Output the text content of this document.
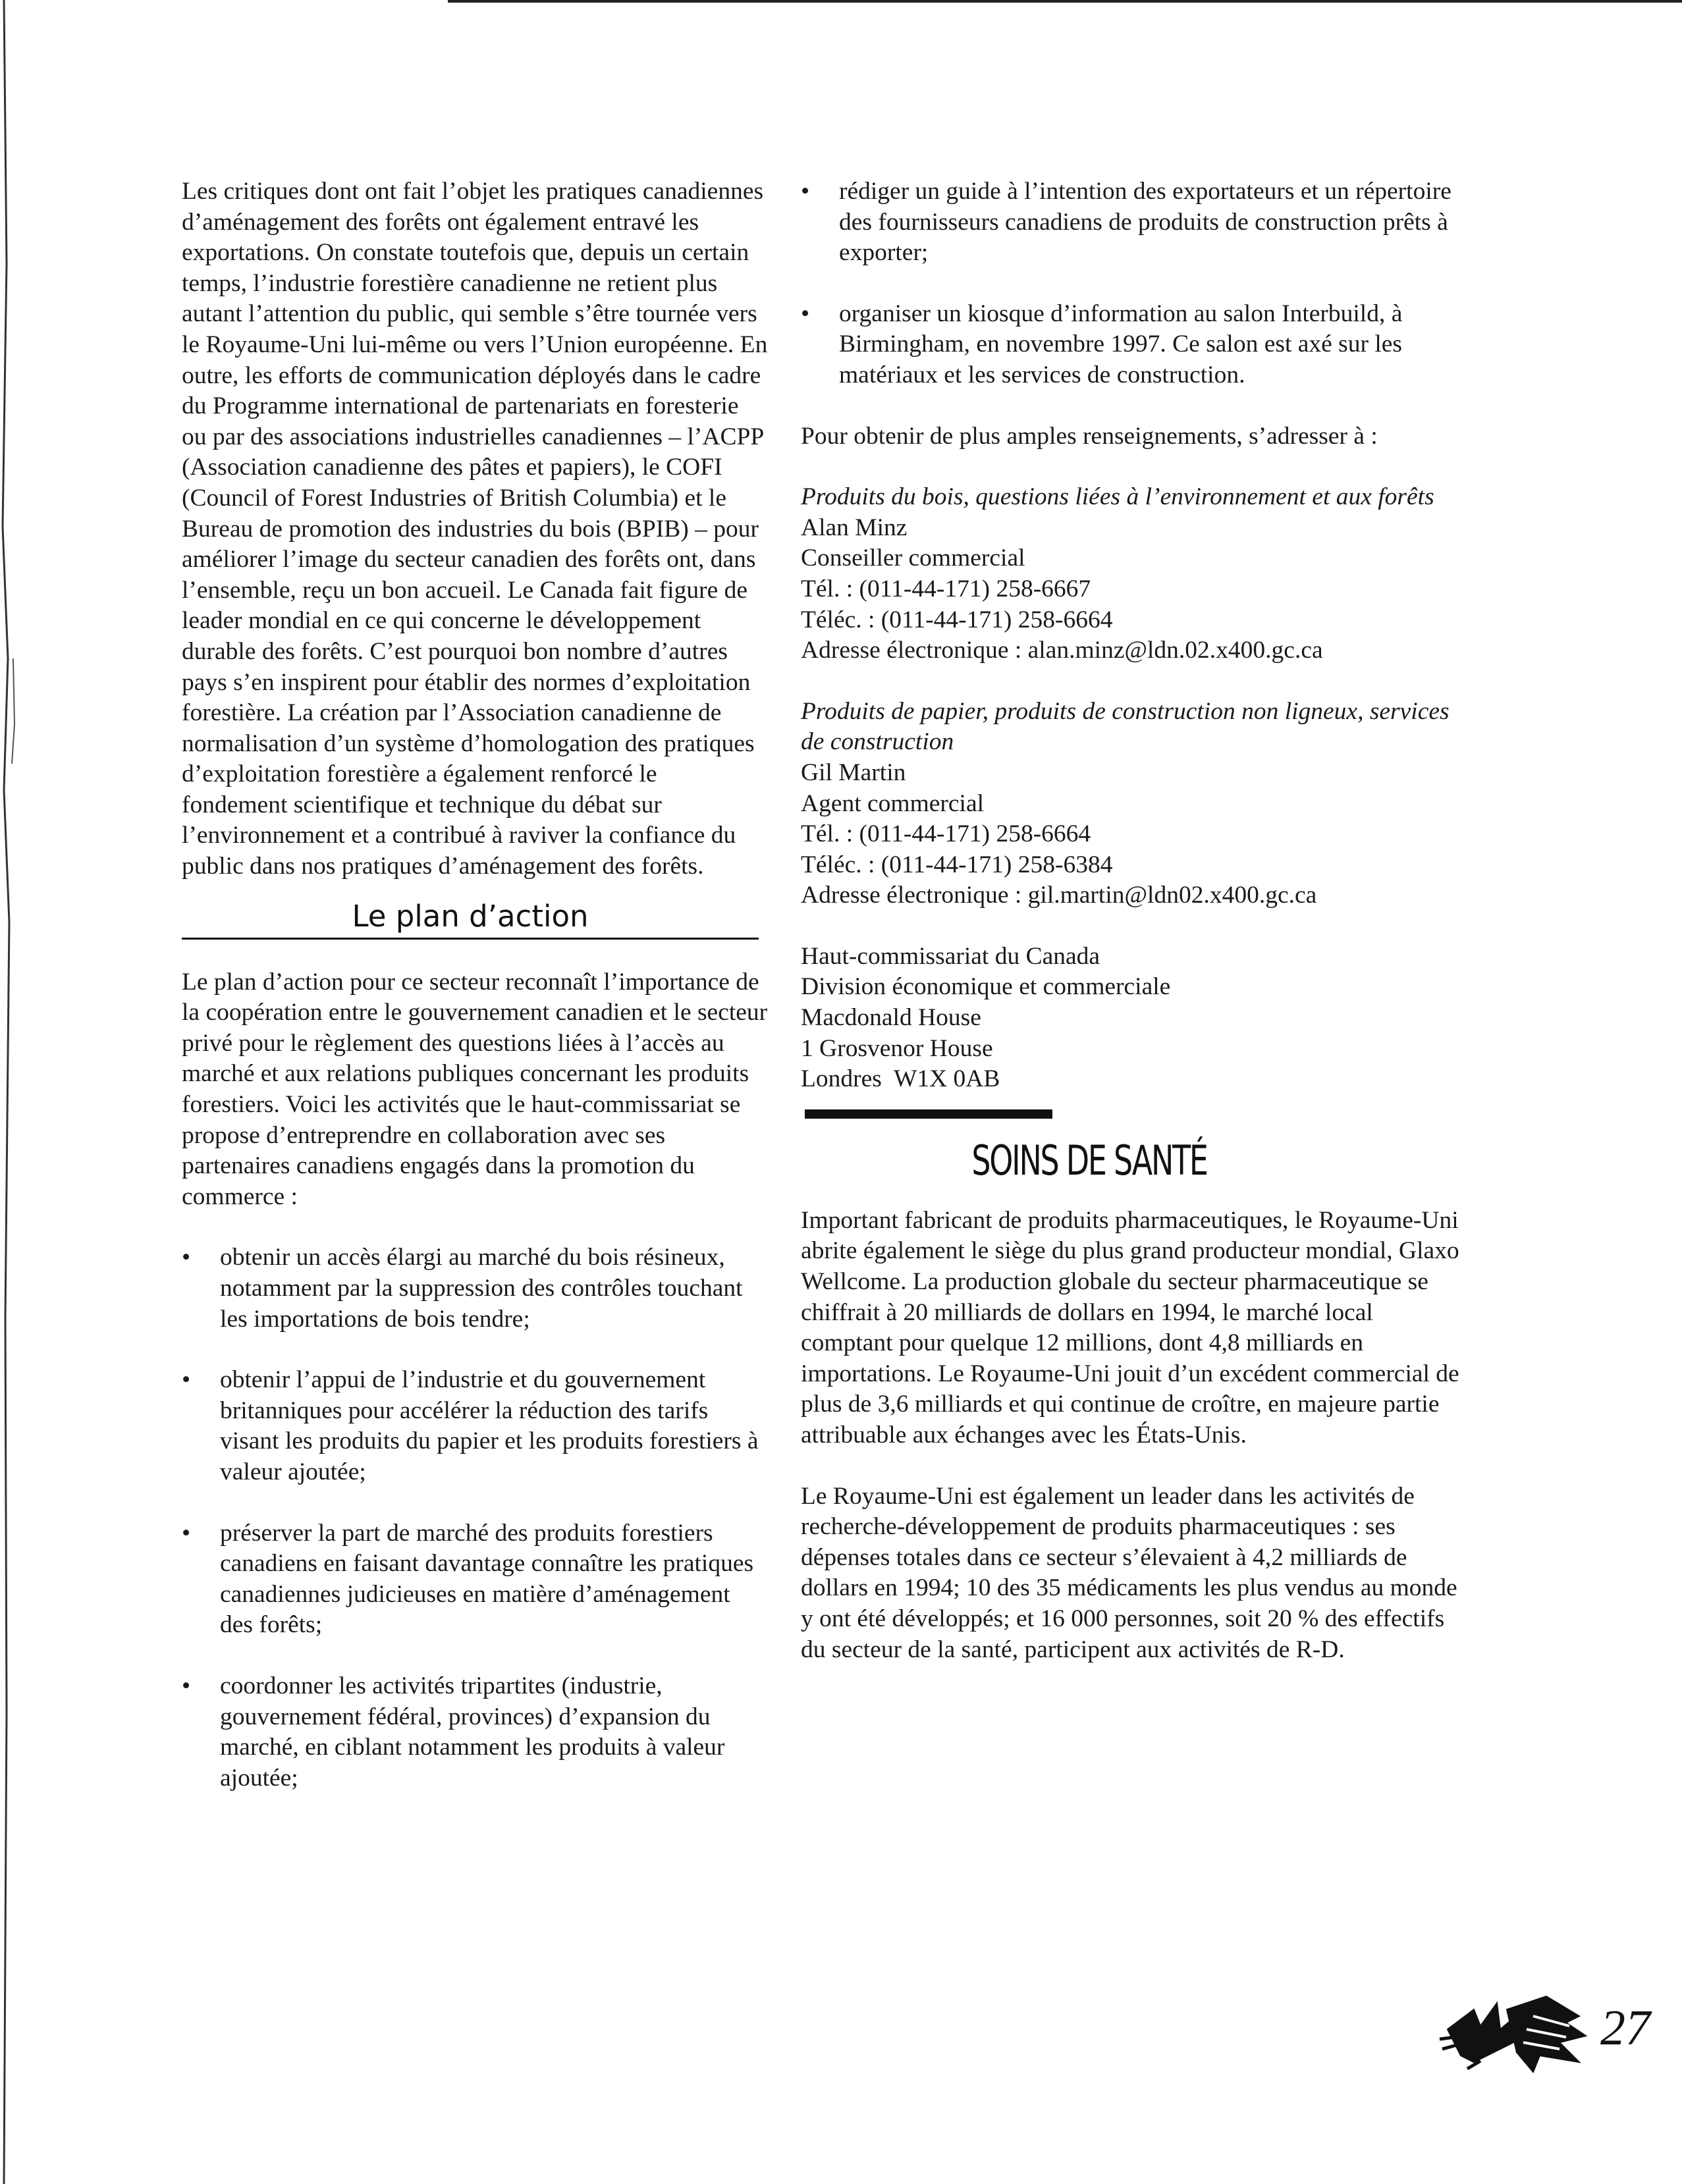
Les critiques dont ont fait l’objet les pratiques canadiennes d’aménagement des forêts ont également entravé les exportations. On constate toutefois que, depuis un certain temps, l’industrie forestière canadienne ne retient plus autant l’attention du public, qui semble s’être tournée vers le Royaume-Uni lui-même ou vers l’Union européenne. En outre, les efforts de communication déployés dans le cadre du Programme international de partenariats en foresterie ou par des associations industrielles canadiennes – l’ACPP (Association canadienne des pâtes et papiers), le COFI (Council of Forest Industries of British Columbia) et le Bureau de promotion des industries du bois (BPIB) – pour améliorer l’image du secteur canadien des forêts ont, dans l’ensemble, reçu un bon accueil. Le Canada fait figure de leader mondial en ce qui concerne le développement durable des forêts. C’est pourquoi bon nombre d’autres pays s’en inspirent pour établir des normes d’exploitation forestière. La création par l’Association canadienne de normalisation d’un système d’homologation des pratiques d’exploitation forestière a également renforcé le fondement scientifique et technique du débat sur l’environnement et a contribué à raviver la confiance du public dans nos pratiques d’aménagement des forêts.

Le plan d’action

Le plan d’action pour ce secteur reconnaît l’importance de la coopération entre le gouvernement canadien et le secteur privé pour le règlement des questions liées à l’accès au marché et aux relations publiques concernant les produits forestiers. Voici les activités que le haut-commissariat se propose d’entreprendre en collaboration avec ses partenaires canadiens engagés dans la promotion du commerce :

• obtenir un accès élargi au marché du bois résineux, notamment par la suppression des contrôles touchant les importations de bois tendre;
• obtenir l’appui de l’industrie et du gouvernement britanniques pour accélérer la réduction des tarifs visant les produits du papier et les produits forestiers à valeur ajoutée;
• préserver la part de marché des produits forestiers canadiens en faisant davantage connaître les pratiques canadiennes judicieuses en matière d’aménagement des forêts;
• coordonner les activités tripartites (industrie, gouvernement fédéral, provinces) d’expansion du marché, en ciblant notamment les produits à valeur ajoutée;
• rédiger un guide à l’intention des exportateurs et un répertoire des fournisseurs canadiens de produits de construction prêts à exporter;
• organiser un kiosque d’information au salon Interbuild, à Birmingham, en novembre 1997. Ce salon est axé sur les matériaux et les services de construction.

Pour obtenir de plus amples renseignements, s’adresser à :

Produits du bois, questions liées à l’environnement et aux forêts

Alan Minz

Conseiller commercial

Tél. : (011-44-171) 258-6667

Téléc. : (011-44-171) 258-6664

Adresse électronique : alan.minz@ldn.02.x400.gc.ca

Produits de papier, produits de construction non ligneux, services de construction

Gil Martin

Agent commercial

Tél. : (011-44-171) 258-6664

Téléc. : (011-44-171) 258-6384

Adresse électronique : gil.martin@ldn02.x400.gc.ca

Haut-commissariat du Canada

Division économique et commerciale

Macdonald House

1 Grosvenor House

Londres  W1X 0AB

SOINS DE SANTÉ

Important fabricant de produits pharmaceutiques, le Royaume-Uni abrite également le siège du plus grand producteur mondial, Glaxo Wellcome. La production globale du secteur pharmaceutique se chiffrait à 20 milliards de dollars en 1994, le marché local comptant pour quelque 12 millions, dont 4,8 milliards en importations. Le Royaume-Uni jouit d’un excédent commercial de plus de 3,6 milliards et qui continue de croître, en majeure partie attribuable aux échanges avec les États-Unis.

Le Royaume-Uni est également un leader dans les activités de recherche-développement de produits pharmaceutiques : ses dépenses totales dans ce secteur s’élevaient à 4,2 milliards de dollars en 1994; 10 des 35 médicaments les plus vendus au monde y ont été développés; et 16 000 personnes, soit 20 % des effectifs du secteur de la santé, participent aux activités de R-D.

27
